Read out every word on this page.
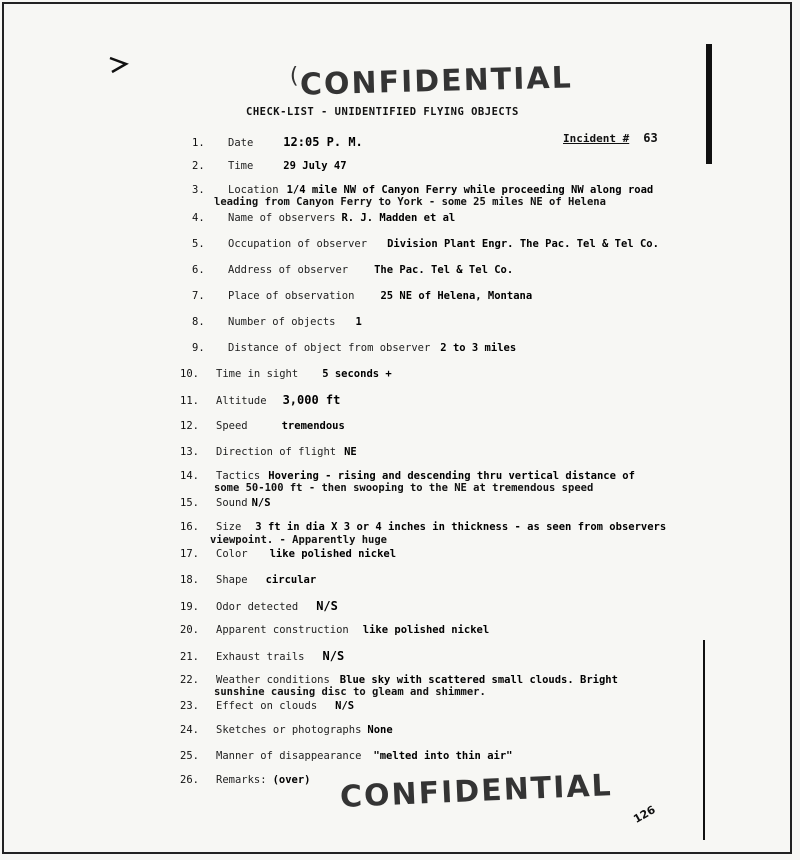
( CONFIDENTIAL
CHECK-LIST - UNIDENTIFIED FLYING OBJECTS
Incident # 63
1. Date	12:05 P. M.
2. Time	29 July 47
3. Location 1/4 mile NW of Canyon Ferry while proceeding NW along road
leading from Canyon Ferry to York - some 25 miles NE of Helena
4. Name of observers R. J. Madden et al
5. Occupation of observer Division Plant Engr. The Pac. Tel & Tel Co.
6. Address of observer The Pac. Tel & Tel Co.
7. Place of observation 25 NE of Helena, Montana
8. Number of objects 1
9. Distance of object from observer 2 to 3 miles
10. Time in sight 5 seconds +
11. Altitude 3,000 ft
12. Speed	tremendous
13. Direction of flight NE
14. Tactics Hovering - rising and descending thru vertical distance of
some 50-100 ft - then swooping to the NE at tremendous speed
15. Sound N/S
16. Size 3 ft in dia X 3 or 4 inches in thickness - as seen from observers
viewpoint. - Apparently huge
17. Color like polished nickel
18. Shape circular
19. Odor detected N/S
20. Apparent construction like polished nickel
21. Exhaust trails N/S
22. Weather conditions Blue sky with scattered small clouds. Bright
sunshine causing disc to gleam and shimmer.
23. Effect on clouds N/S
24. Sketches or photographs None
25. Manner of disappearance "melted into thin air"
26. Remarks: (over) CONFIDENTIAL 126
